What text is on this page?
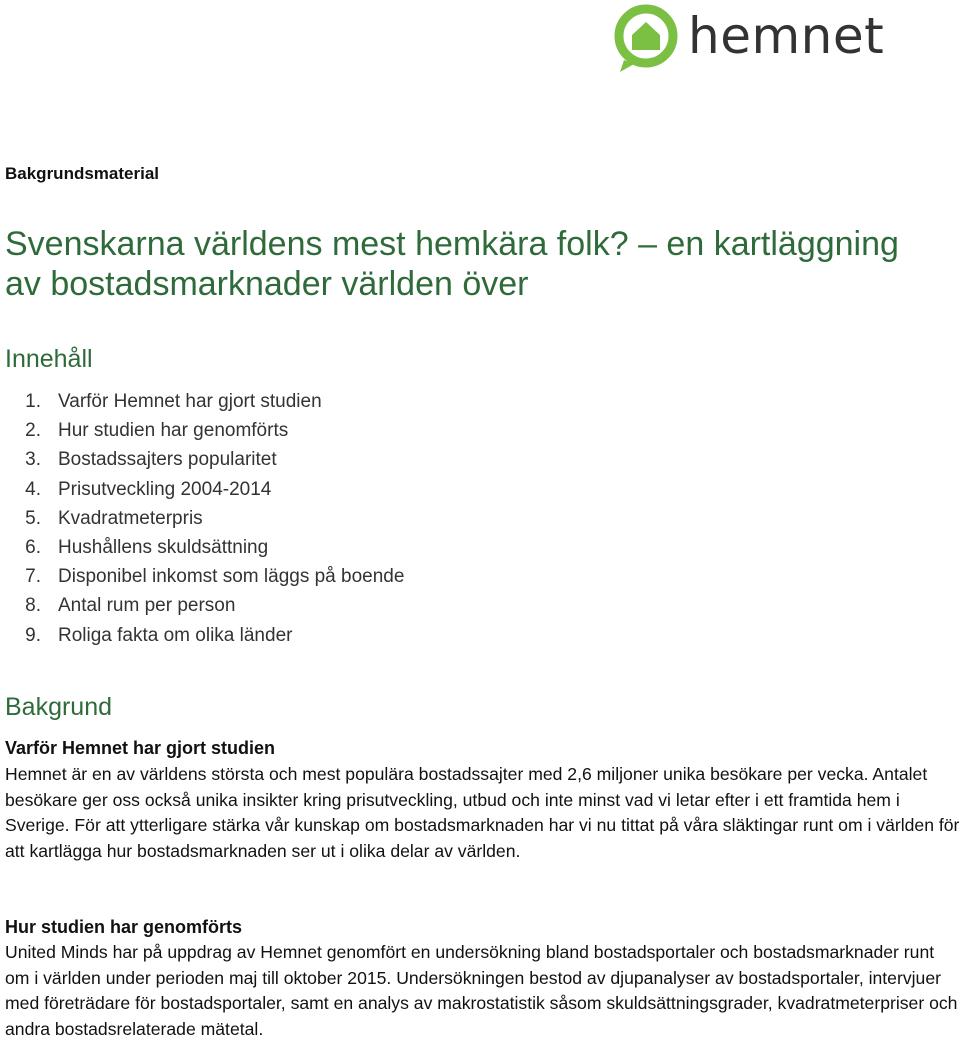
hemnet
Bakgrundsmaterial
Svenskarna världens mest hemkära folk? – en kartläggning av bostadsmarknader världen över
Innehåll
1. Varför Hemnet har gjort studien
2. Hur studien har genomförts
3. Bostadssajters popularitet
4. Prisutveckling 2004-2014
5. Kvadratmeterpris
6. Hushållens skuldsättning
7. Disponibel inkomst som läggs på boende
8. Antal rum per person
9. Roliga fakta om olika länder
Bakgrund
Varför Hemnet har gjort studien

Hemnet är en av världens största och mest populära bostadssajter med 2,6 miljoner unika besökare per vecka. Antalet besökare ger oss också unika insikter kring prisutveckling, utbud och inte minst vad vi letar efter i ett framtida hem i Sverige. För att ytterligare stärka vår kunskap om bostadsmarknaden har vi nu tittat på våra släktingar runt om i världen för att kartlägga hur bostadsmarknaden ser ut i olika delar av världen.

Hur studien har genomförts

United Minds har på uppdrag av Hemnet genomfört en undersökning bland bostadsportaler och bostadsmarknader runt om i världen under perioden maj till oktober 2015. Undersökningen bestod av djupanalyser av bostadsportaler, intervjuer med företrädare för bostadsportaler, samt en analys av makrostatistik såsom skuldsättningsgrader, kvadratmeterpriser och andra bostadsrelaterade mätetal.
